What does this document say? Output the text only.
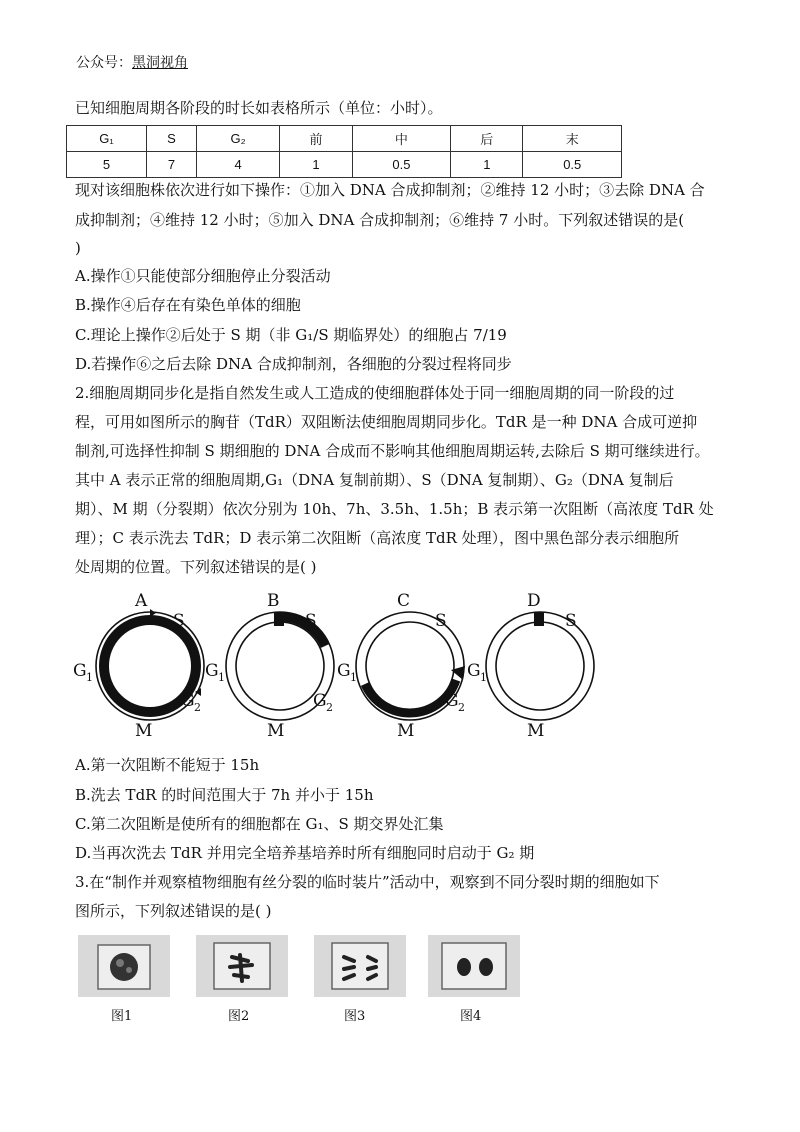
公众号：黑洞视角
已知细胞周期各阶段的时长如表格所示（单位：小时）。
G₁	S	G₂	前	中	后	末
5	7	4	1	0.5	1	0.5
现对该细胞株依次进行如下操作：①加入 DNA 合成抑制剂；②维持 12 小时；③去除 DNA 合
成抑制剂；④维持 12 小时；⑤加入 DNA 合成抑制剂；⑥维持 7 小时。下列叙述错误的是(
)
A.操作①只能使部分细胞停止分裂活动
B.操作④后存在有染色单体的细胞
C.理论上操作②后处于 S 期（非 G₁/S 期临界处）的细胞占 7/19
D.若操作⑥之后去除 DNA 合成抑制剂，各细胞的分裂过程将同步
2.细胞周期同步化是指自然发生或人工造成的使细胞群体处于同一细胞周期的同一阶段的过
程，可用如图所示的胸苷（TdR）双阻断法使细胞周期同步化。TdR 是一种 DNA 合成可逆抑
制剂,可选择性抑制 S 期细胞的 DNA 合成而不影响其他细胞周期运转,去除后 S 期可继续进行。
其中 A 表示正常的细胞周期,G₁（DNA 复制前期）、S（DNA 复制期）、G₂（DNA 复制后
期）、M 期（分裂期）依次分别为 10h、7h、3.5h、1.5h；B 表示第一次阻断（高浓度 TdR 处
理）；C 表示洗去 TdR；D 表示第二次阻断（高浓度 TdR 处理），图中黑色部分表示细胞所
处周期的位置。下列叙述错误的是( )
A
S
G 1
G 2
M
B
S
G 1
G 2
M
C
S
G 1
G 2
M
D
S
G 1
M
A.第一次阻断不能短于 15h
B.洗去 TdR 的时间范围大于 7h 并小于 15h
C.第二次阻断是使所有的细胞都在 G₁、S 期交界处汇集
D.当再次洗去 TdR 并用完全培养基培养时所有细胞同时启动于 G₂ 期
3.在“制作并观察植物细胞有丝分裂的临时装片”活动中，观察到不同分裂时期的细胞如下
图所示，下列叙述错误的是( )
图1	图2	图3	图4
